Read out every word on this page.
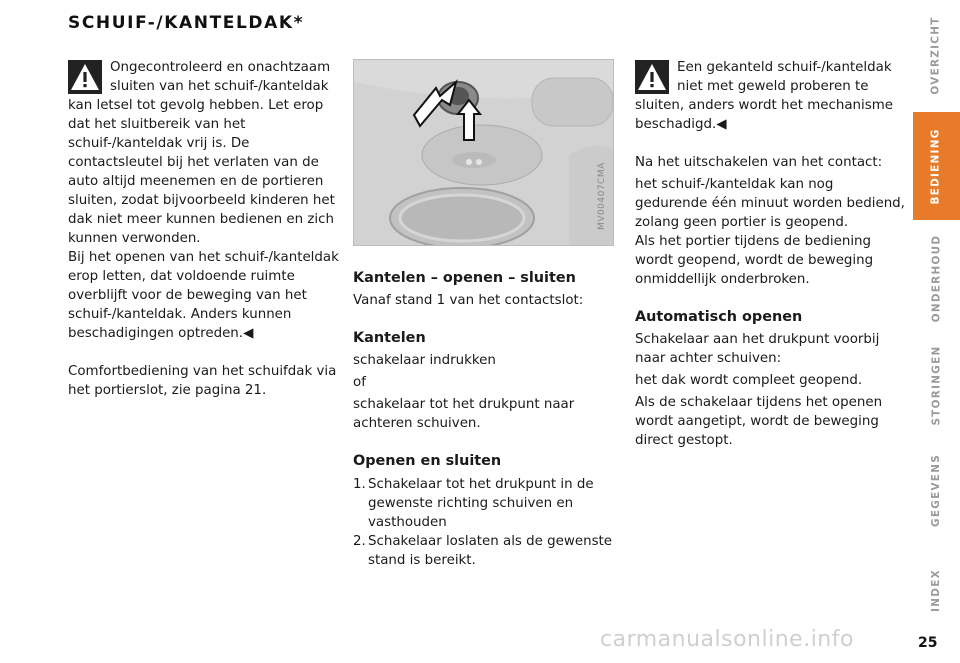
SCHUIF-/KANTELDAK*

Ongecontroleerd en onachtzaam sluiten van het schuif-/kanteldak kan letsel tot gevolg hebben. Let erop dat het sluitbereik van het schuif-/kanteldak vrij is. De contactsleutel bij het verlaten van de auto altijd meenemen en de portieren sluiten, zodat bijvoorbeeld kinderen het dak niet meer kunnen bedienen en zich kunnen verwonden.

Bij het openen van het schuif-/kanteldak erop letten, dat voldoende ruimte overblijft voor de beweging van het schuif-/kanteldak. Anders kunnen beschadigingen optreden.◀

Comfortbediening van het schuifdak via het portierslot, zie pagina 21.

MV00407CMA
Kantelen – openen – sluiten

Vanaf stand 1 van het contactslot:

Kantelen

schakelaar indrukken

of

schakelaar tot het drukpunt naar achteren schuiven.

Openen en sluiten
1. Schakelaar tot het drukpunt in de gewenste richting schuiven en vasthouden
2. Schakelaar loslaten als de gewenste stand is bereikt.

Een gekanteld schuif-/kanteldak niet met geweld proberen te sluiten, anders wordt het mechanisme beschadigd.◀

Na het uitschakelen van het contact:

het schuif-/kanteldak kan nog gedurende één minuut worden bediend, zolang geen portier is geopend.

Als het portier tijdens de bediening wordt geopend, wordt de beweging onmiddellijk onderbroken.

Automatisch openen

Schakelaar aan het drukpunt voorbij naar achter schuiven:

het dak wordt compleet geopend.

Als de schakelaar tijdens het openen wordt aangetipt, wordt de beweging direct gestopt.

OVERZICHT
BEDIENING
ONDERHOUD
STORINGEN
GEGEVENS
INDEX
25
carmanualsonline.info
